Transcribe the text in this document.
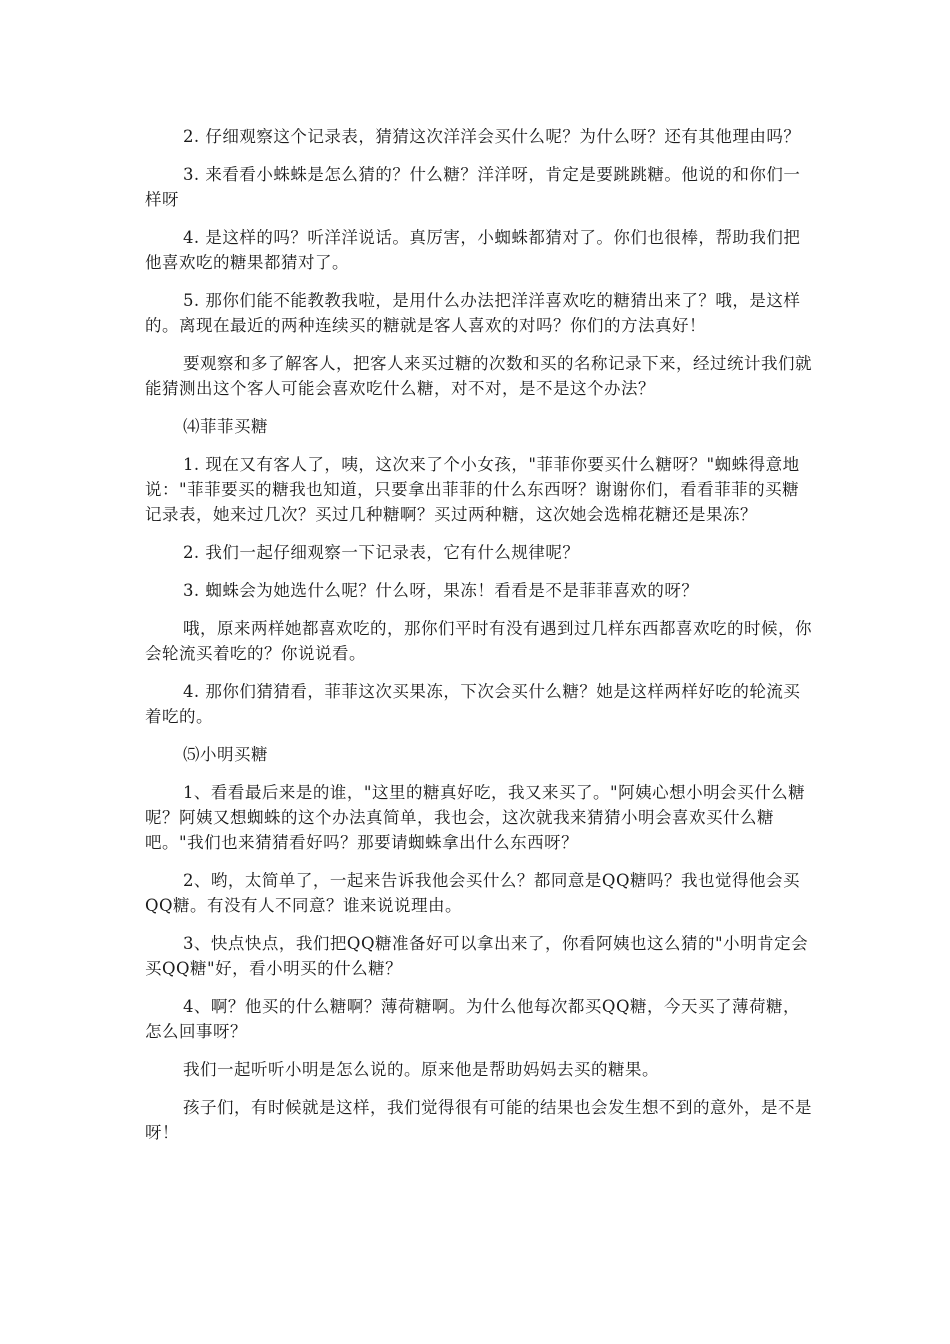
2. 仔细观察这个记录表，猜猜这次洋洋会买什么呢？为什么呀？还有其他理由吗？

3. 来看看小蛛蛛是怎么猜的？什么糖？洋洋呀，肯定是要跳跳糖。他说的和你们一样呀

4. 是这样的吗？听洋洋说话。真厉害，小蜘蛛都猜对了。你们也很棒，帮助我们把他喜欢吃的糖果都猜对了。

5. 那你们能不能教教我啦，是用什么办法把洋洋喜欢吃的糖猜出来了？哦，是这样的。离现在最近的两种连续买的糖就是客人喜欢的对吗？你们的方法真好！

要观察和多了解客人，把客人来买过糖的次数和买的名称记录下来，经过统计我们就能猜测出这个客人可能会喜欢吃什么糖，对不对，是不是这个办法？

⑷菲菲买糖

1. 现在又有客人了，咦，这次来了个小女孩，"菲菲你要买什么糖呀？"蜘蛛得意地说："菲菲要买的糖我也知道，只要拿出菲菲的什么东西呀？谢谢你们，看看菲菲的买糖记录表，她来过几次？买过几种糖啊？买过两种糖，这次她会选棉花糖还是果冻？

2. 我们一起仔细观察一下记录表，它有什么规律呢？

3. 蜘蛛会为她选什么呢？什么呀，果冻！看看是不是菲菲喜欢的呀？

哦，原来两样她都喜欢吃的，那你们平时有没有遇到过几样东西都喜欢吃的时候，你会轮流买着吃的？你说说看。

4. 那你们猜猜看，菲菲这次买果冻，下次会买什么糖？她是这样两样好吃的轮流买着吃的。

⑸小明买糖

1、看看最后来是的谁，"这里的糖真好吃，我又来买了。"阿姨心想小明会买什么糖呢？阿姨又想蜘蛛的这个办法真简单，我也会，这次就我来猜猜小明会喜欢买什么糖吧。"我们也来猜猜看好吗？那要请蜘蛛拿出什么东西呀？

2、哟，太简单了，一起来告诉我他会买什么？都同意是QQ糖吗？我也觉得他会买QQ糖。有没有人不同意？谁来说说理由。

3、快点快点，我们把QQ糖准备好可以拿出来了，你看阿姨也这么猜的"小明肯定会买QQ糖"好，看小明买的什么糖？

4、啊？他买的什么糖啊？薄荷糖啊。为什么他每次都买QQ糖，今天买了薄荷糖，怎么回事呀？

我们一起听听小明是怎么说的。原来他是帮助妈妈去买的糖果。

孩子们，有时候就是这样，我们觉得很有可能的结果也会发生想不到的意外，是不是呀！
